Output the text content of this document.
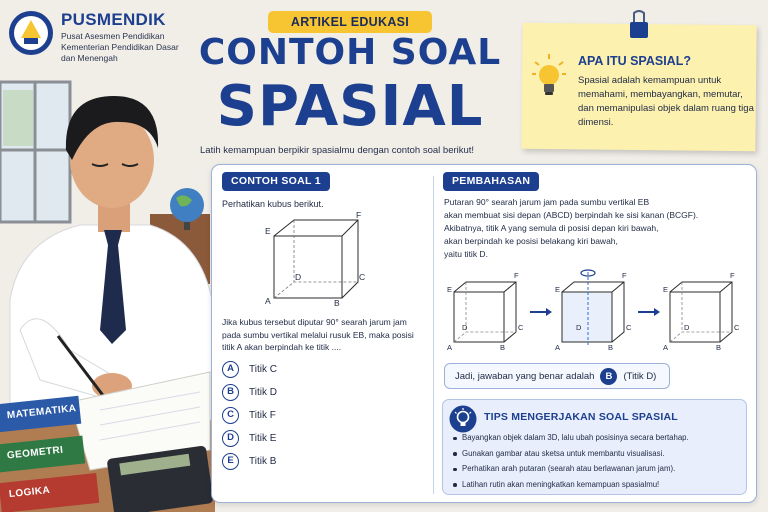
MATEMATIKA
GEOMETRI
LOGIKA
PUSMENDIK
Pusat Asesmen Pendidikan
Kementerian Pendidikan Dasar
dan Menengah
ARTIKEL EDUKASI
CONTOH SOAL
SPASIAL
Latih kemampuan berpikir spasialmu dengan contoh soal berikut!
APA ITU SPASIAL?
Spasial adalah kemampuan untuk memahami, membayangkan, memutar, dan memanipulasi objek dalam ruang tiga dimensi.
CONTOH SOAL 1
Perhatikan kubus berikut.
E
F
D	C
A	B
Jika kubus tersebut diputar 90° searah jarum jam pada sumbu vertikal melalui rusuk EB, maka posisi titik A akan berpindah ke titik ....
A	Titik C
B	Titik D
C	Titik F
D	Titik E
E	Titik B
PEMBAHASAN
Putaran 90° searah jarum jam pada sumbu vertikal EB
akan membuat sisi depan (ABCD) berpindah ke sisi kanan (BCGF).
Akibatnya, titik A yang semula di posisi depan kiri bawah,
akan berpindah ke posisi belakang kiri bawah,
yaitu titik D.
E
F
D	C
A	B
E
F
D	C
A	B
E
F
D	C
A	B
Jadi, jawaban yang benar adalah	B	(Titik D)
TIPS MENGERJAKAN SOAL SPASIAL
Bayangkan objek dalam 3D, lalu ubah posisinya secara bertahap.
Gunakan gambar atau sketsa untuk membantu visualisasi.
Perhatikan arah putaran (searah atau berlawanan jarum jam).
Latihan rutin akan meningkatkan kemampuan spasialmu!
